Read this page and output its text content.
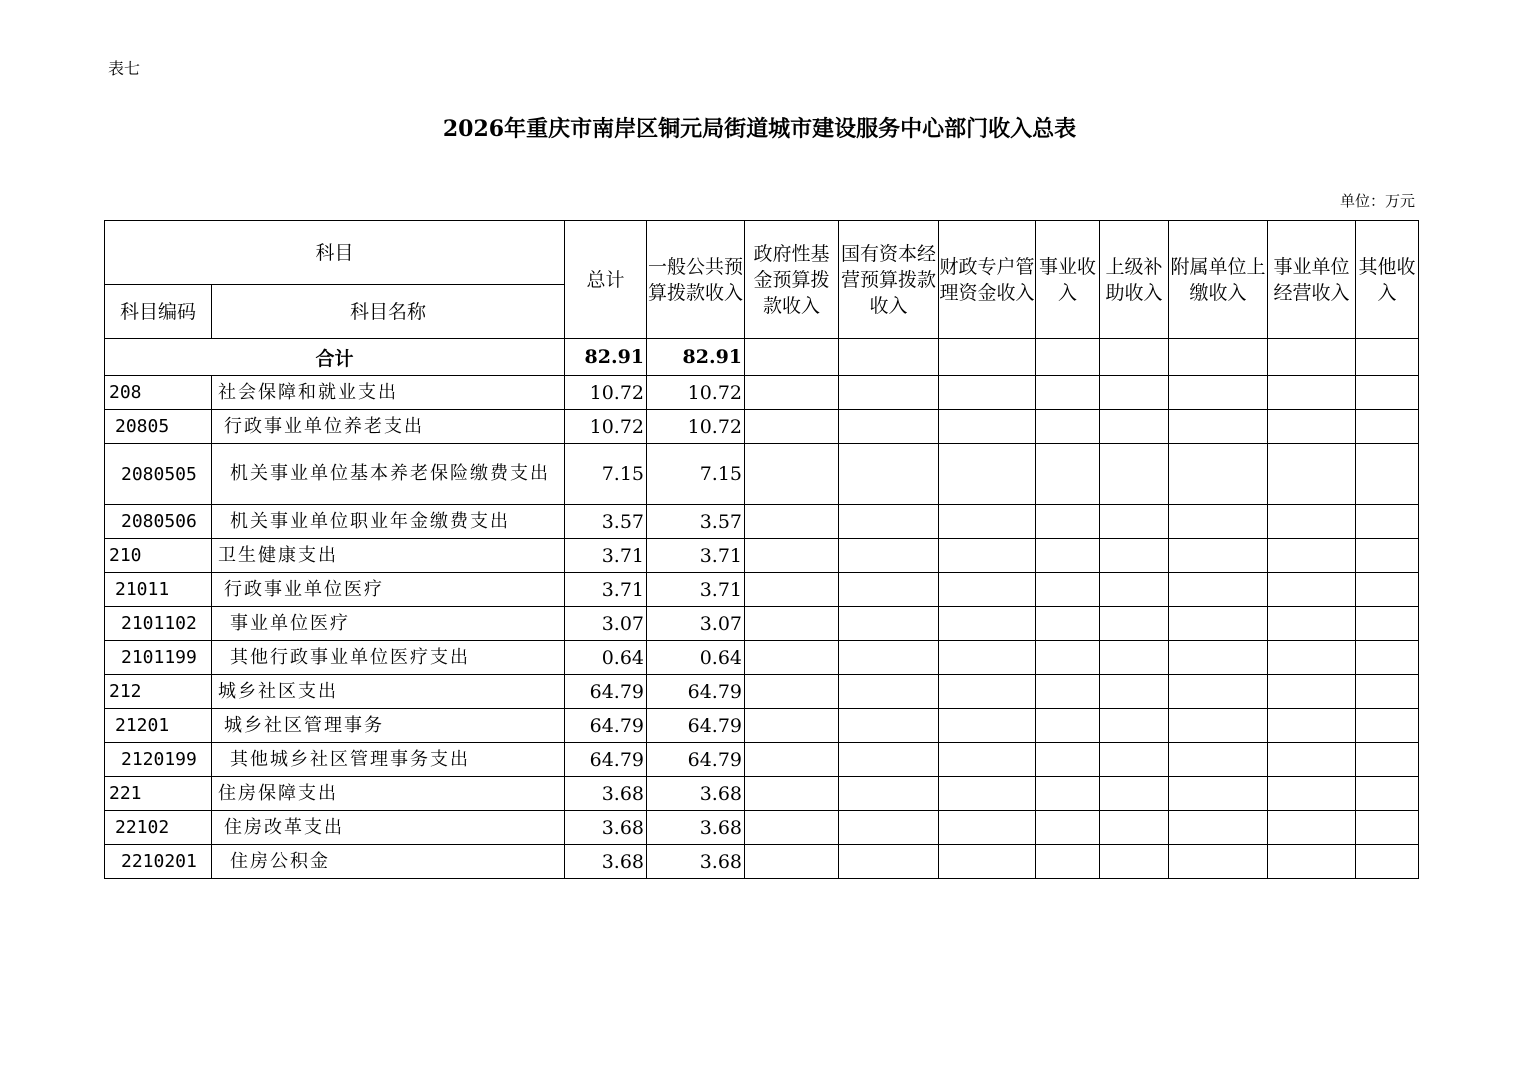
表七
2026年重庆市南岸区铜元局街道城市建设服务中心部门收入总表
单位：万元
科目		总计	一般公共预算拨款收入	政府性基金预算拨款收入	国有资本经营预算拨款收入	财政专户管理资金收入	事业收入	上级补助收入	附属单位上缴收入	事业单位经营收入	其他收入
科目编码	科目名称										
合计		82.91	82.91								
208	社会保障和就业支出	10.72	10.72								
20805	行政事业单位养老支出	10.72	10.72								
2080505	机关事业单位基本养老保险缴费支出	7.15	7.15								
2080506	机关事业单位职业年金缴费支出	3.57	3.57								
210	卫生健康支出	3.71	3.71								
21011	行政事业单位医疗	3.71	3.71								
2101102	事业单位医疗	3.07	3.07								
2101199	其他行政事业单位医疗支出	0.64	0.64								
212	城乡社区支出	64.79	64.79								
21201	城乡社区管理事务	64.79	64.79								
2120199	其他城乡社区管理事务支出	64.79	64.79								
221	住房保障支出	3.68	3.68								
22102	住房改革支出	3.68	3.68								
2210201	住房公积金	3.68	3.68								
